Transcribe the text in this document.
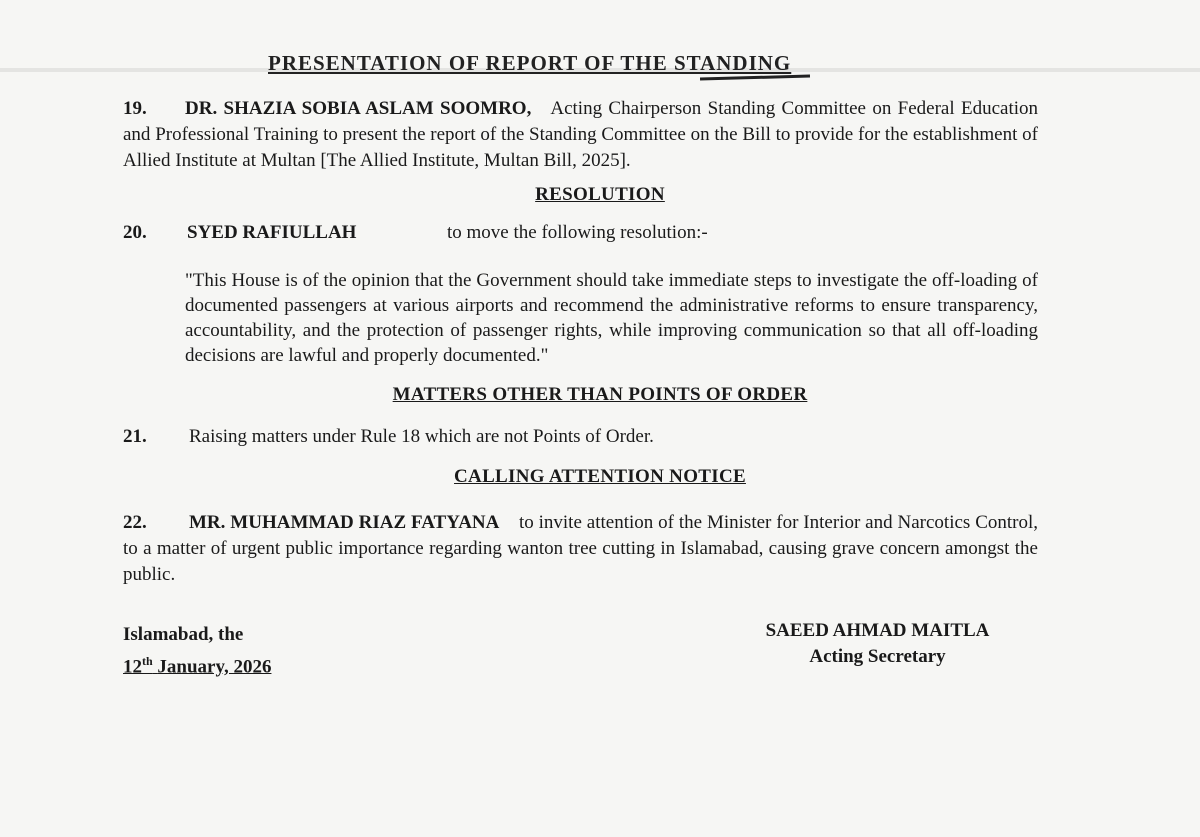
PRESENTATION OF REPORT OF THE STANDING
19. DR. SHAZIA SOBIA ASLAM SOOMRO, Acting Chairperson Standing Committee on Federal Education and Professional Training to present the report of the Standing Committee on the Bill to provide for the establishment of Allied Institute at Multan [The Allied Institute, Multan Bill, 2025].
RESOLUTION
20. SYED RAFIULLAH	to move the following resolution:-
"This House is of the opinion that the Government should take immediate steps to investigate the off-loading of documented passengers at various airports and recommend the administrative reforms to ensure transparency, accountability, and the protection of passenger rights, while improving communication so that all off-loading decisions are lawful and properly documented."
MATTERS OTHER THAN POINTS OF ORDER
21. Raising matters under Rule 18 which are not Points of Order.
CALLING ATTENTION NOTICE
22. MR. MUHAMMAD RIAZ FATYANA to invite attention of the Minister for Interior and Narcotics Control, to a matter of urgent public importance regarding wanton tree cutting in Islamabad, causing grave concern amongst the public.
Islamabad, the
12th January, 2026
SAEED AHMAD MAITLA
Acting Secretary
